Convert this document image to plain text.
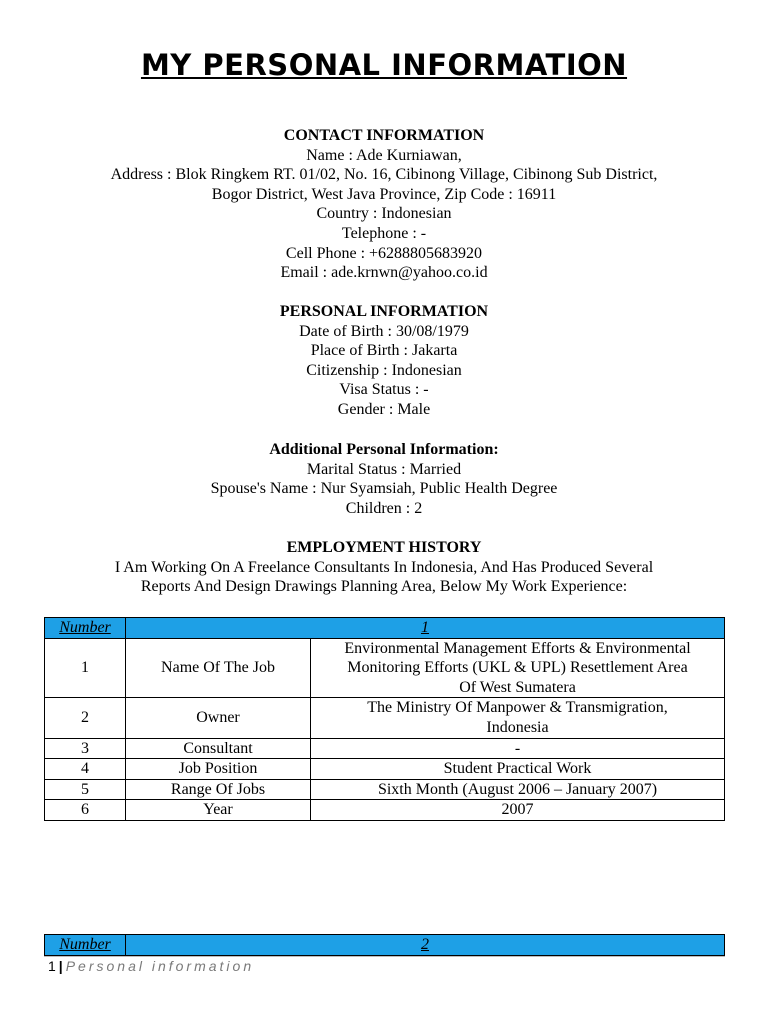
MY PERSONAL INFORMATION
CONTACT INFORMATION
Name : Ade Kurniawan,
Address : Blok Ringkem RT. 01/02, No. 16, Cibinong Village, Cibinong Sub District,
Bogor District, West Java Province, Zip Code : 16911
Country : Indonesian
Telephone : -
Cell Phone : +6288805683920
Email : ade.krnwn@yahoo.co.id
PERSONAL INFORMATION
Date of Birth : 30/08/1979
Place of Birth : Jakarta
Citizenship : Indonesian
Visa Status : -
Gender : Male
Additional Personal Information:
Marital Status : Married
Spouse's Name : Nur Syamsiah, Public Health Degree
Children : 2
EMPLOYMENT HISTORY
I Am Working On A Freelance Consultants In Indonesia, And Has Produced Several
Reports And Design Drawings Planning Area, Below My Work Experience:
Number	1	
1	Name Of The Job	Environmental Management Efforts & Environmental
Monitoring Efforts (UKL & UPL) Resettlement Area
Of West Sumatera

2	Owner	The Ministry Of Manpower & Transmigration,
Indonesia

3	Consultant	-
4	Job Position	Student Practical Work
5	Range Of Jobs	Sixth Month (August 2006 – January 2007)
6	Year	2007
Number	2
1 | Personal information
